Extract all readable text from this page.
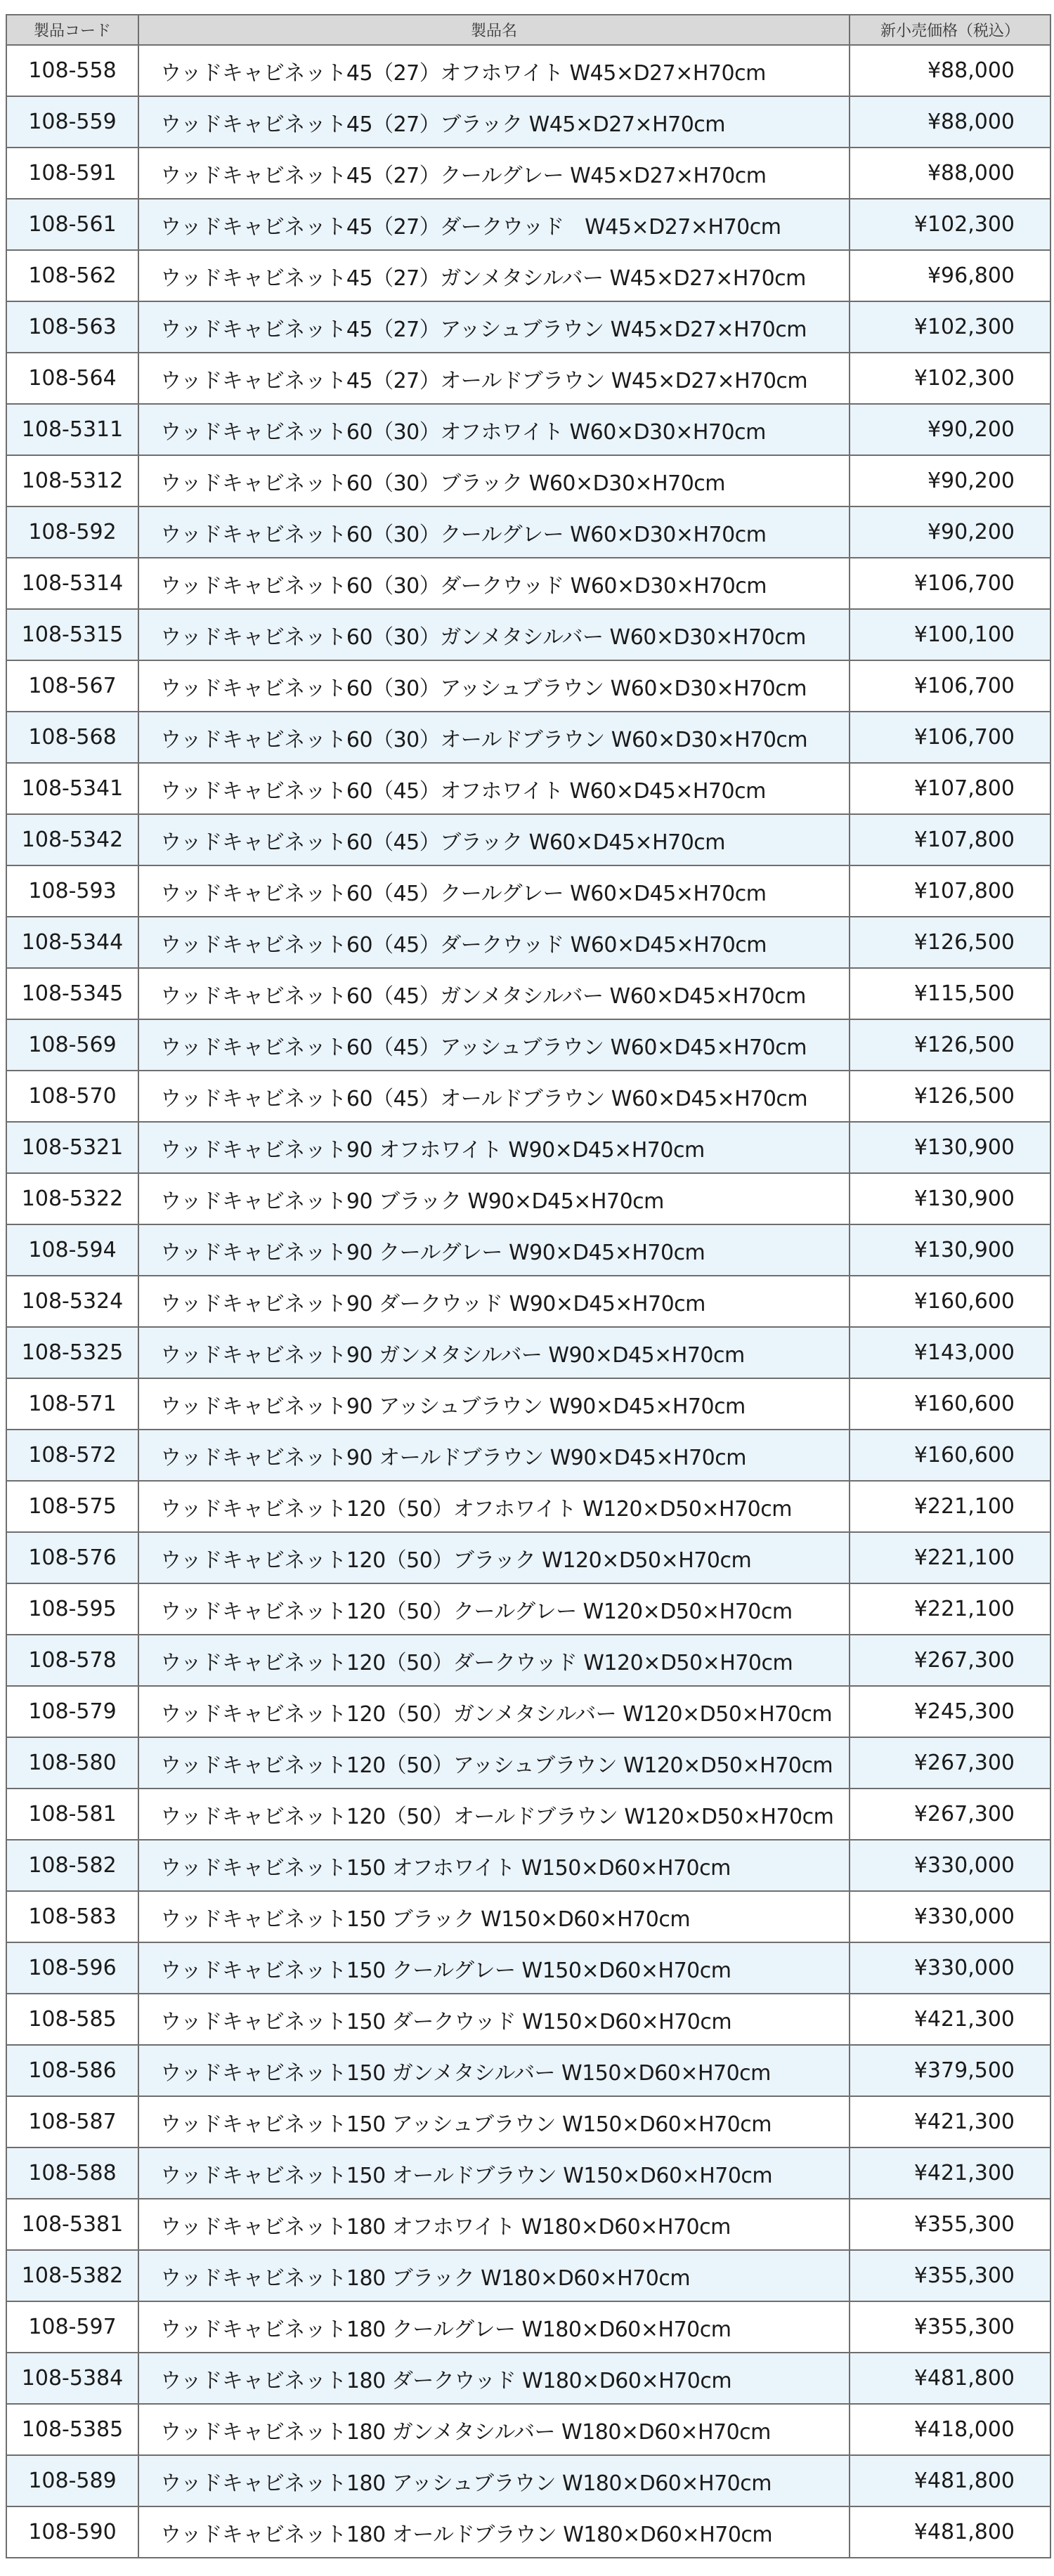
製品コード	製品名	新小売価格（税込）
108-558	ウッドキャビネット45（27）オフホワイト W45×D27×H70cm	¥88,000
108-559	ウッドキャビネット45（27）ブラック W45×D27×H70cm	¥88,000
108-591	ウッドキャビネット45（27）クールグレー W45×D27×H70cm	¥88,000
108-561	ウッドキャビネット45（27）ダークウッド　W45×D27×H70cm	¥102,300
108-562	ウッドキャビネット45（27）ガンメタシルバー W45×D27×H70cm	¥96,800
108-563	ウッドキャビネット45（27）アッシュブラウン W45×D27×H70cm	¥102,300
108-564	ウッドキャビネット45（27）オールドブラウン W45×D27×H70cm	¥102,300
108-5311	ウッドキャビネット60（30）オフホワイト W60×D30×H70cm	¥90,200
108-5312	ウッドキャビネット60（30）ブラック W60×D30×H70cm	¥90,200
108-592	ウッドキャビネット60（30）クールグレー W60×D30×H70cm	¥90,200
108-5314	ウッドキャビネット60（30）ダークウッド W60×D30×H70cm	¥106,700
108-5315	ウッドキャビネット60（30）ガンメタシルバー W60×D30×H70cm	¥100,100
108-567	ウッドキャビネット60（30）アッシュブラウン W60×D30×H70cm	¥106,700
108-568	ウッドキャビネット60（30）オールドブラウン W60×D30×H70cm	¥106,700
108-5341	ウッドキャビネット60（45）オフホワイト W60×D45×H70cm	¥107,800
108-5342	ウッドキャビネット60（45）ブラック W60×D45×H70cm	¥107,800
108-593	ウッドキャビネット60（45）クールグレー W60×D45×H70cm	¥107,800
108-5344	ウッドキャビネット60（45）ダークウッド W60×D45×H70cm	¥126,500
108-5345	ウッドキャビネット60（45）ガンメタシルバー W60×D45×H70cm	¥115,500
108-569	ウッドキャビネット60（45）アッシュブラウン W60×D45×H70cm	¥126,500
108-570	ウッドキャビネット60（45）オールドブラウン W60×D45×H70cm	¥126,500
108-5321	ウッドキャビネット90 オフホワイト W90×D45×H70cm	¥130,900
108-5322	ウッドキャビネット90 ブラック W90×D45×H70cm	¥130,900
108-594	ウッドキャビネット90 クールグレー W90×D45×H70cm	¥130,900
108-5324	ウッドキャビネット90 ダークウッド W90×D45×H70cm	¥160,600
108-5325	ウッドキャビネット90 ガンメタシルバー W90×D45×H70cm	¥143,000
108-571	ウッドキャビネット90 アッシュブラウン W90×D45×H70cm	¥160,600
108-572	ウッドキャビネット90 オールドブラウン W90×D45×H70cm	¥160,600
108-575	ウッドキャビネット120（50）オフホワイト W120×D50×H70cm	¥221,100
108-576	ウッドキャビネット120（50）ブラック W120×D50×H70cm	¥221,100
108-595	ウッドキャビネット120（50）クールグレー W120×D50×H70cm	¥221,100
108-578	ウッドキャビネット120（50）ダークウッド W120×D50×H70cm	¥267,300
108-579	ウッドキャビネット120（50）ガンメタシルバー W120×D50×H70cm	¥245,300
108-580	ウッドキャビネット120（50）アッシュブラウン W120×D50×H70cm	¥267,300
108-581	ウッドキャビネット120（50）オールドブラウン W120×D50×H70cm	¥267,300
108-582	ウッドキャビネット150 オフホワイト W150×D60×H70cm	¥330,000
108-583	ウッドキャビネット150 ブラック W150×D60×H70cm	¥330,000
108-596	ウッドキャビネット150 クールグレー W150×D60×H70cm	¥330,000
108-585	ウッドキャビネット150 ダークウッド W150×D60×H70cm	¥421,300
108-586	ウッドキャビネット150 ガンメタシルバー W150×D60×H70cm	¥379,500
108-587	ウッドキャビネット150 アッシュブラウン W150×D60×H70cm	¥421,300
108-588	ウッドキャビネット150 オールドブラウン W150×D60×H70cm	¥421,300
108-5381	ウッドキャビネット180 オフホワイト W180×D60×H70cm	¥355,300
108-5382	ウッドキャビネット180 ブラック W180×D60×H70cm	¥355,300
108-597	ウッドキャビネット180 クールグレー W180×D60×H70cm	¥355,300
108-5384	ウッドキャビネット180 ダークウッド W180×D60×H70cm	¥481,800
108-5385	ウッドキャビネット180 ガンメタシルバー W180×D60×H70cm	¥418,000
108-589	ウッドキャビネット180 アッシュブラウン W180×D60×H70cm	¥481,800
108-590	ウッドキャビネット180 オールドブラウン W180×D60×H70cm	¥481,800
